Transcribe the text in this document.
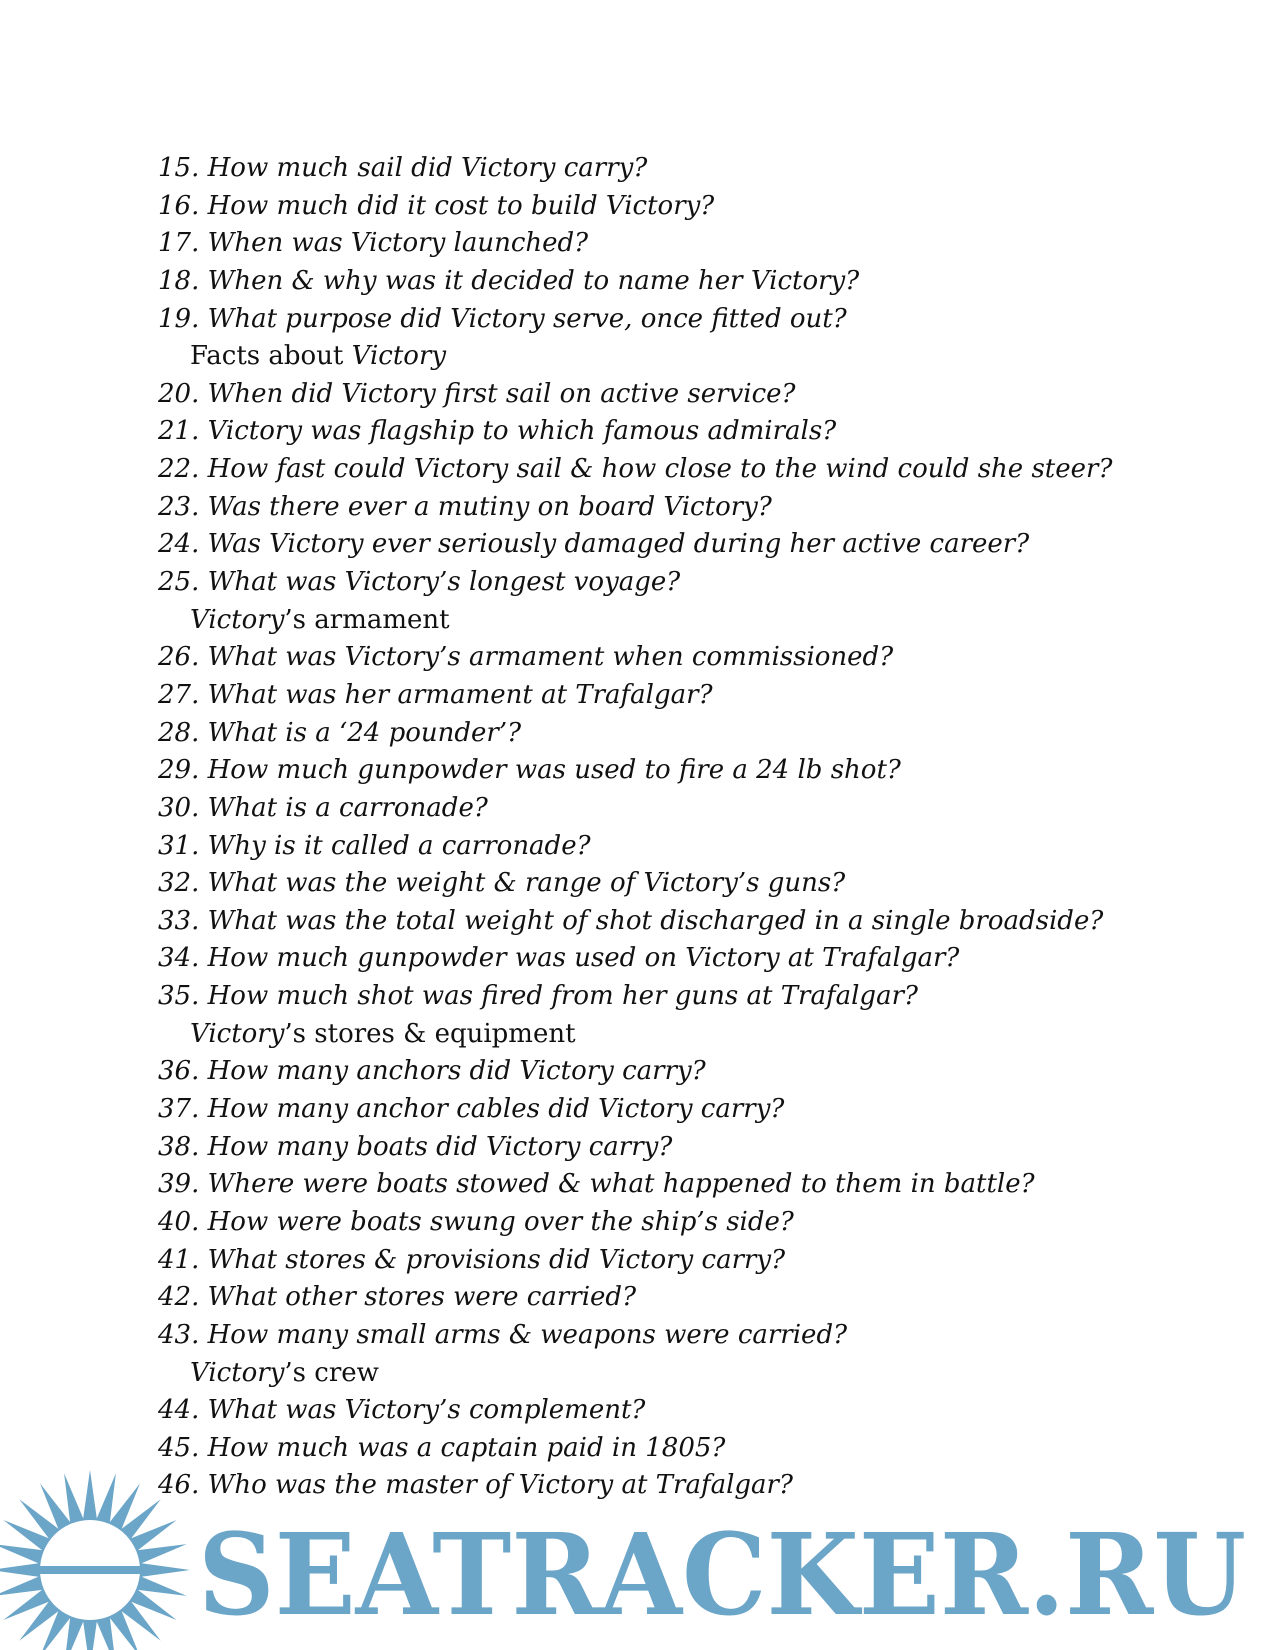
15. How much sail did Victory carry?
16. How much did it cost to build Victory?
17. When was Victory launched?
18. When & why was it decided to name her Victory?
19. What purpose did Victory serve, once fitted out?
Facts about Victory
20. When did Victory first sail on active service?
21. Victory was flagship to which famous admirals?
22. How fast could Victory sail & how close to the wind could she steer?
23. Was there ever a mutiny on board Victory?
24. Was Victory ever seriously damaged during her active career?
25. What was Victory’s longest voyage?
Victory’s armament
26. What was Victory’s armament when commissioned?
27. What was her armament at Trafalgar?
28. What is a ‘24 pounder’?
29. How much gunpowder was used to fire a 24 lb shot?
30. What is a carronade?
31. Why is it called a carronade?
32. What was the weight & range of Victory’s guns?
33. What was the total weight of shot discharged in a single broadside?
34. How much gunpowder was used on Victory at Trafalgar?
35. How much shot was fired from her guns at Trafalgar?
Victory’s stores & equipment
36. How many anchors did Victory carry?
37. How many anchor cables did Victory carry?
38. How many boats did Victory carry?
39. Where were boats stowed & what happened to them in battle?
40. How were boats swung over the ship’s side?
41. What stores & provisions did Victory carry?
42. What other stores were carried?
43. How many small arms & weapons were carried?
Victory’s crew
44. What was Victory’s complement?
45. How much was a captain paid in 1805?
46. Who was the master of Victory at Trafalgar?
SEATRACKER.RU
